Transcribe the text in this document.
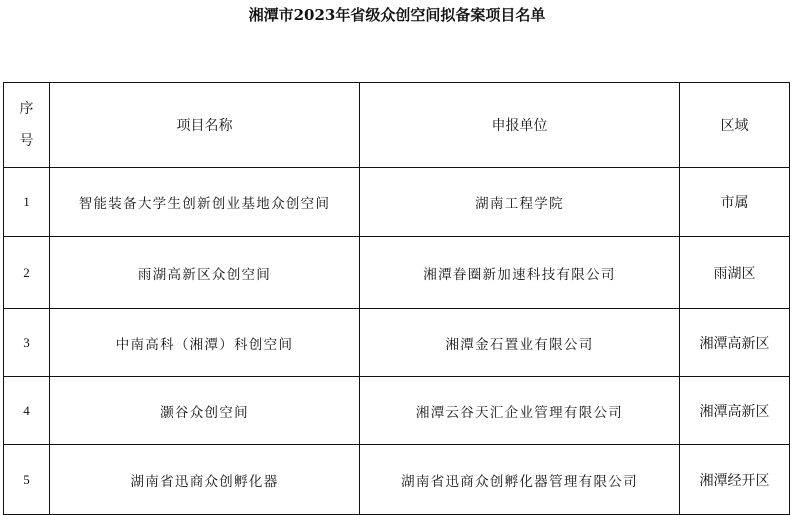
湘潭市2023年省级众创空间拟备案项目名单
序
号	项目名称	申报单位	区域
1	智能装备大学生创新创业基地众创空间	湖南工程学院	市属
2	雨湖高新区众创空间	湘潭眷圈新加速科技有限公司	雨湖区
3	中南高科（湘潭）科创空间	湘潭金石置业有限公司	湘潭高新区
4	灏谷众创空间	湘潭云谷天汇企业管理有限公司	湘潭高新区
5	湖南省迅商众创孵化器	湖南省迅商众创孵化器管理有限公司	湘潭经开区
